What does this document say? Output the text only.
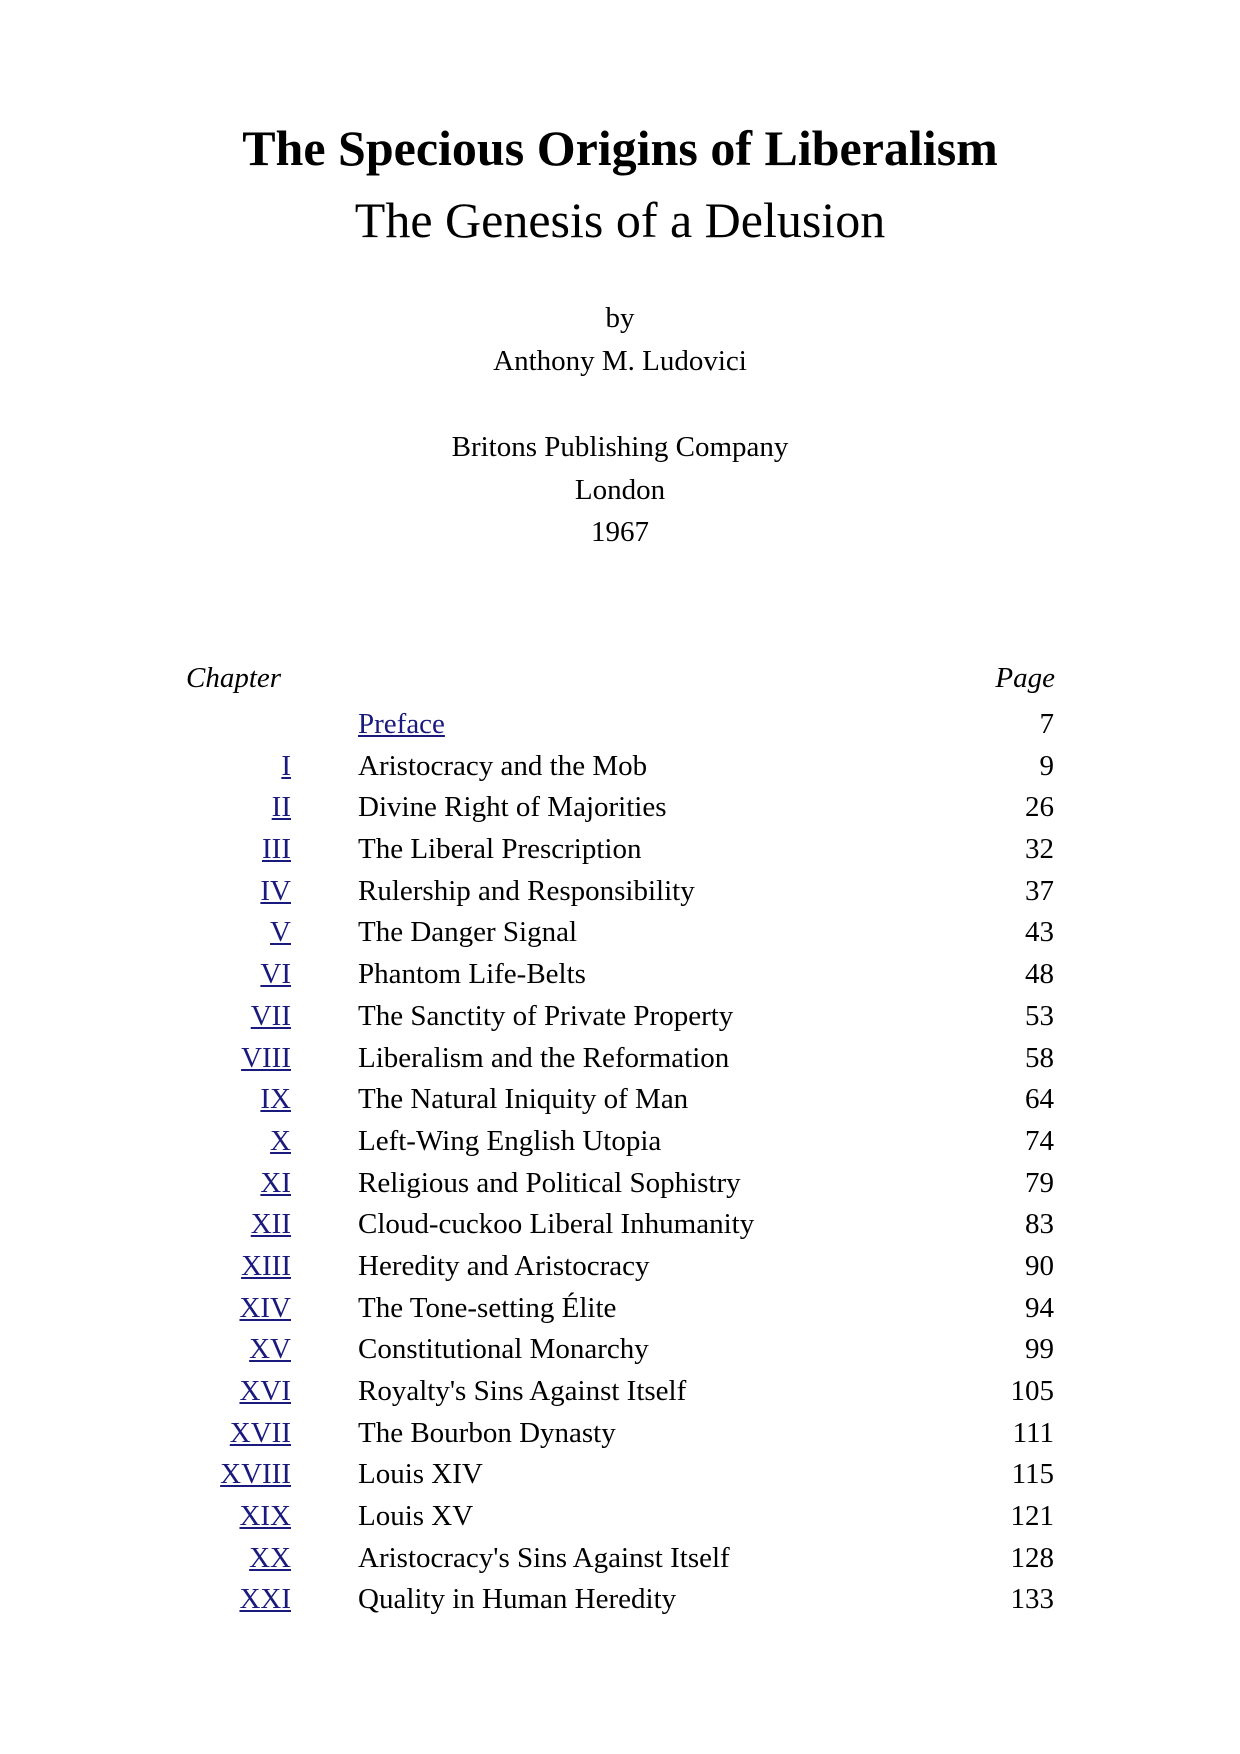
The Specious Origins of Liberalism
The Genesis of a Delusion
by
Anthony M. Ludovici
Britons Publishing Company
London
1967
Chapter	Page
Preface	7
I Aristocracy and the Mob	9
II Divine Right of Majorities	26
III The Liberal Prescription	32
IV Rulership and Responsibility	37
V The Danger Signal	43
VI Phantom Life-Belts	48
VII The Sanctity of Private Property	53
VIII Liberalism and the Reformation	58
IX The Natural Iniquity of Man	64
X Left-Wing English Utopia	74
XI Religious and Political Sophistry	79
XII Cloud-cuckoo Liberal Inhumanity	83
XIII Heredity and Aristocracy	90
XIV The Tone-setting Élite	94
XV Constitutional Monarchy	99
XVI Royalty's Sins Against Itself	105
XVII The Bourbon Dynasty	111
XVIII Louis XIV	115
XIX Louis XV	121
XX Aristocracy's Sins Against Itself	128
XXI Quality in Human Heredity	133
